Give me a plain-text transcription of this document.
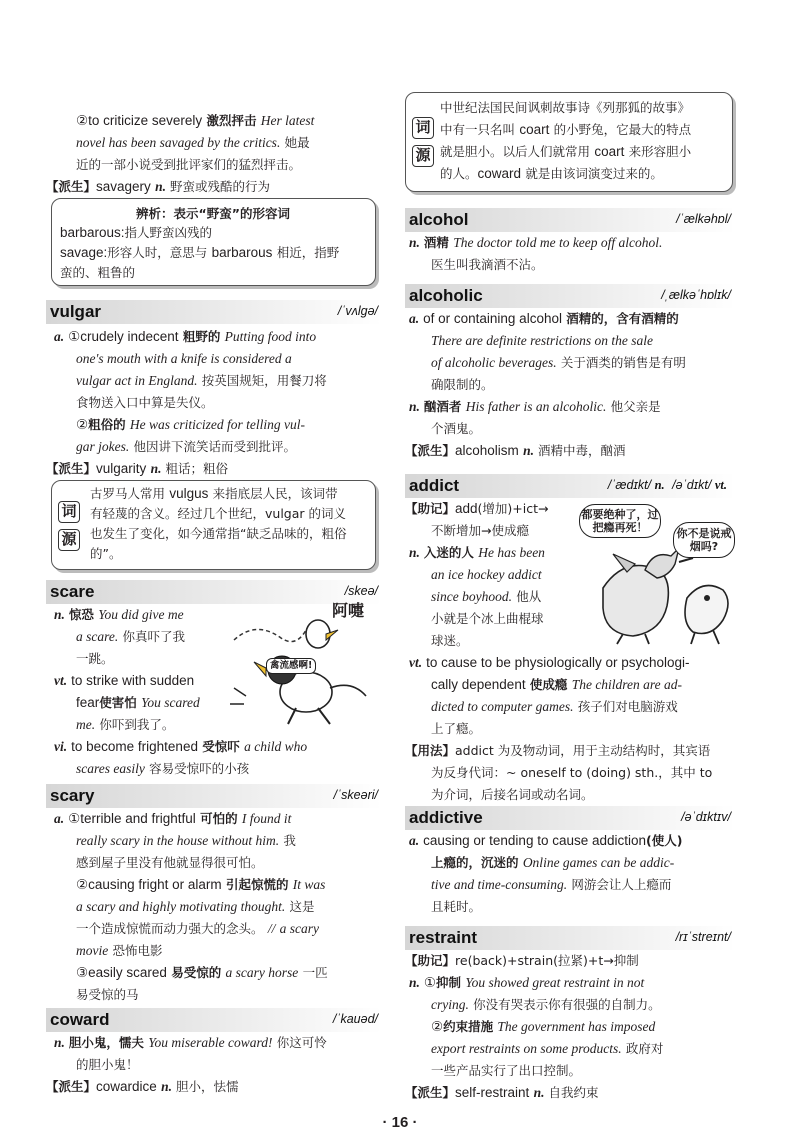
②to criticize severely 激烈抨击 Her latest
novel has been savaged by the critics. 她最
近的一部小说受到批评家们的猛烈抨击。
【派生】savagery n. 野蛮或残酷的行为
辨析：表示“野蛮”的形容词
barbarous:指人野蛮凶残的
savage:形容人时，意思与 barbarous 相近，指野
蛮的、粗鲁的
vulgar	/ˈvʌlgə/
a. ①crudely indecent 粗野的 Putting food into
one's mouth with a knife is considered a
vulgar act in England. 按英国规矩，用餐刀将
食物送入口中算是失仪。
②粗俗的 He was criticized for telling vul-
gar jokes. 他因讲下流笑话而受到批评。
【派生】vulgarity n. 粗话；粗俗
词
源
古罗马人常用 vulgus 来指底层人民，该词带
有轻蔑的含义。经过几个世纪，vulgar 的词义
也发生了变化，如今通常指“缺乏品味的，粗俗
的”。
scare	/skeə/
n. 惊恐 You did give me
a scare. 你真吓了我
一跳。
vt. to strike with sudden
fear使害怕 You scared
me. 你吓到我了。
vi. to become frightened 受惊吓 a child who
scares easily 容易受惊吓的小孩
阿嚏
禽流感啊!
scary	/ˈskeəri/
a. ①terrible and frightful 可怕的 I found it
really scary in the house without him. 我
感到屋子里没有他就显得很可怕。
②causing fright or alarm 引起惊慌的 It was
a scary and highly motivating thought. 这是
一个造成惊慌而动力强大的念头。 // a scary
movie 恐怖电影
③easily scared 易受惊的 a scary horse 一匹
易受惊的马
coward	/ˈkauəd/
n. 胆小鬼，懦夫 You miserable coward! 你这可怜
的胆小鬼！
【派生】cowardice n. 胆小，怯懦
词
源
中世纪法国民间讽刺故事诗《列那狐的故事》
中有一只名叫 coart 的小野兔，它最大的特点
就是胆小。以后人们就常用 coart 来形容胆小
的人。coward 就是由该词演变过来的。
alcohol	/ˈælkəhɒl/
n. 酒精 The doctor told me to keep off alcohol.
医生叫我滴酒不沾。
alcoholic	/ˌælkəˈhɒlɪk/
a. of or containing alcohol 酒精的，含有酒精的
There are definite restrictions on the sale
of alcoholic beverages. 关于酒类的销售是有明
确限制的。
n. 酗酒者 His father is an alcoholic. 他父亲是
个酒鬼。
【派生】alcoholism n. 酒精中毒，酗酒
addict	/ˈædɪkt/ n. /əˈdɪkt/ vt.
【助记】add(增加)+ict→
不断增加→使成瘾
n. 入迷的人 He has been
an ice hockey addict
since boyhood. 他从
小就是个冰上曲棍球
球迷。
都要绝种了，过把瘾再死！	你不是说戒烟吗?
vt. to cause to be physiologically or psychologi-
cally dependent 使成瘾 The children are ad-
dicted to computer games. 孩子们对电脑游戏
上了瘾。
【用法】addict 为及物动词，用于主动结构时，其宾语
为反身代词：~ oneself to (doing) sth.，其中 to
为介词，后接名词或动名词。
addictive	/əˈdɪktɪv/
a. causing or tending to cause addiction(使人)
上瘾的，沉迷的 Online games can be addic-
tive and time-consuming. 网游会让人上瘾而
且耗时。
restraint	/rɪˈstreɪnt/
【助记】re(back)+strain(拉紧)+t→抑制
n. ①抑制 You showed great restraint in not
crying. 你没有哭表示你有很强的自制力。
②约束措施 The government has imposed
export restraints on some products. 政府对
一些产品实行了出口控制。
【派生】self-restraint n. 自我约束
· 16 ·
